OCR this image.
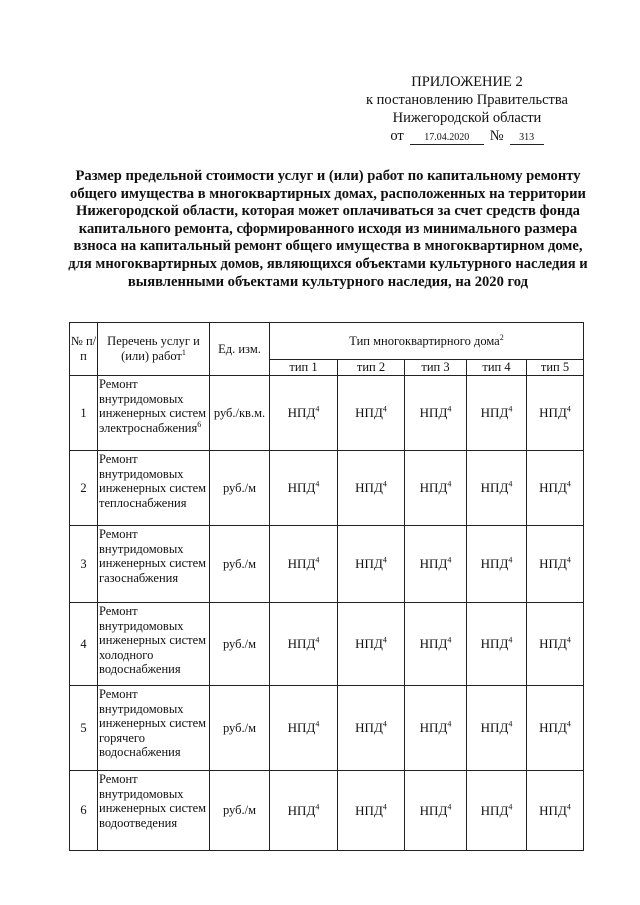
ПРИЛОЖЕНИЕ 2
к постановлению Правительства
Нижегородской области
от	17.04.2020	№	313
Размер предельной стоимости услуг и (или) работ по капитальному ремонту общего имущества в многоквартирных домах, расположенных на территории Нижегородской области, которая может оплачиваться за счет средств фонда капитального ремонта, сформированного исходя из минимального размера взноса на капитальный ремонт общего имущества в многоквартирном доме, для многоквартирных домов, являющихся объектами культурного наследия и выявленными объектами культурного наследия, на 2020 год
№ п/п	Перечень услуг и (или) работ$^1$	Ед. изм.	Тип многоквартирного дома$^2$
			тип 1	тип 2	тип 3	тип 4	тип 5
1	Ремонт внутридомовых инженерных систем электроснабжения$^6$	руб./кв.м.	НПД$^4$	НПД$^4$	НПД$^4$	НПД$^4$	НПД$^4$
2	Ремонт внутридомовых инженерных систем теплоснабжения	руб./м	НПД$^4$	НПД$^4$	НПД$^4$	НПД$^4$	НПД$^4$
3	Ремонт внутридомовых инженерных систем газоснабжения	руб./м	НПД$^4$	НПД$^4$	НПД$^4$	НПД$^4$	НПД$^4$
4	Ремонт внутридомовых инженерных систем холодного водоснабжения	руб./м	НПД$^4$	НПД$^4$	НПД$^4$	НПД$^4$	НПД$^4$
5	Ремонт внутридомовых инженерных систем горячего водоснабжения	руб./м	НПД$^4$	НПД$^4$	НПД$^4$	НПД$^4$	НПД$^4$
6	Ремонт внутридомовых инженерных систем водоотведения	руб./м	НПД$^4$	НПД$^4$	НПД$^4$	НПД$^4$	НПД$^4$
